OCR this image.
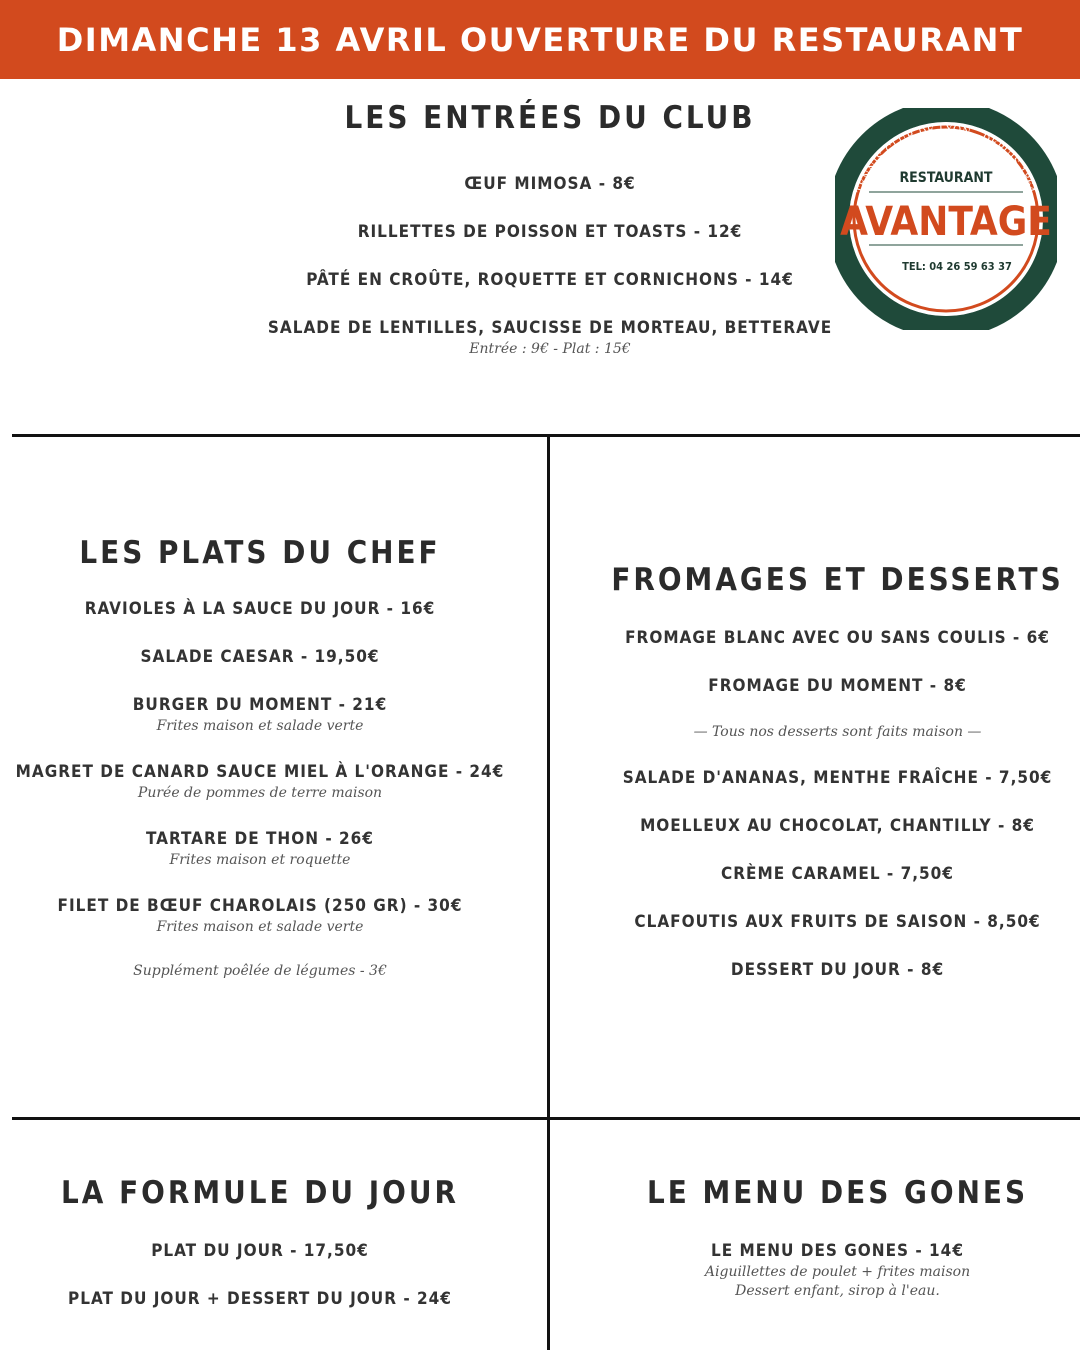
DIMANCHE 13 AVRIL OUVERTURE DU RESTAURANT
TENNIS CLUB DE LYON - DEPUIS 1864
3 BOULEVARD DU 11 NOVEMBRE - VILLEURBANNE
RESTAURANT
AVANTAGE
TEL: 04 26 59 63 37

LES ENTRÉES DU CLUB

ŒUF MIMOSA - 8€

RILLETTES DE POISSON ET TOASTS - 12€

PÂTÉ EN CROÛTE, ROQUETTE ET CORNICHONS - 14€

SALADE DE LENTILLES, SAUCISSE DE MORTEAU, BETTERAVE

Entrée : 9€ - Plat : 15€

LES PLATS DU CHEF

RAVIOLES À LA SAUCE DU JOUR - 16€

SALADE CAESAR - 19,50€

BURGER DU MOMENT - 21€

Frites maison et salade verte

MAGRET DE CANARD SAUCE MIEL À L'ORANGE - 24€

Purée de pommes de terre maison

TARTARE DE THON - 26€

Frites maison et roquette

FILET DE BŒUF CHAROLAIS (250 GR) - 30€

Frites maison et salade verte

Supplément poêlée de légumes - 3€

FROMAGES ET DESSERTS

FROMAGE BLANC AVEC OU SANS COULIS - 6€

FROMAGE DU MOMENT - 8€

— Tous nos desserts sont faits maison —

SALADE D'ANANAS, MENTHE FRAÎCHE - 7,50€

MOELLEUX AU CHOCOLAT, CHANTILLY - 8€

CRÈME CARAMEL - 7,50€

CLAFOUTIS AUX FRUITS DE SAISON - 8,50€

DESSERT DU JOUR - 8€

LA FORMULE DU JOUR

PLAT DU JOUR - 17,50€

PLAT DU JOUR + DESSERT DU JOUR - 24€

LE MENU DES GONES

LE MENU DES GONES - 14€

Aiguillettes de poulet + frites maison

Dessert enfant, sirop à l'eau.
